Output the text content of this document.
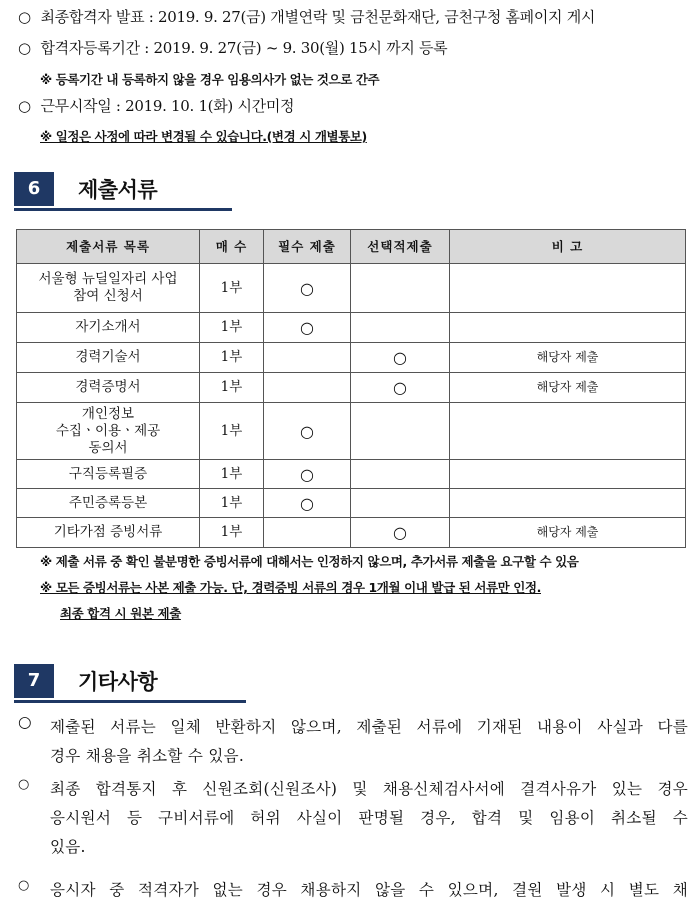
○ 최종합격자 발표 : 2019. 9. 27(금) 개별연락 및 금천문화재단, 금천구청 홈페이지 게시
○ 합격자등록기간 : 2019. 9. 27(금) ~ 9. 30(월) 15시 까지 등록
※ 등록기간 내 등록하지 않을 경우 임용의사가 없는 것으로 간주
○ 근무시작일 : 2019. 10. 1(화) 시간미정
※ 일정은 사정에 따라 변경될 수 있습니다.(변경 시 개별통보)
6	제출서류
제출서류 목록	매 수	필수 제출	선택적제출	비 고
서울형 뉴딜일자리 사업
참여 신청서	1부	○		
자기소개서	1부	○		
경력기술서	1부		○	해당자 제출
경력증명서	1부		○	해당자 제출
개인정보
수집ㆍ이용ㆍ제공
동의서	1부	○		
구직등록필증	1부	○		
주민증록등본	1부	○		
기타가점 증빙서류	1부		○	해당자 제출
※ 제출 서류 중 확인 불분명한 증빙서류에 대해서는 인정하지 않으며, 추가서류 제출을 요구할 수 있음
※ 모든 증빙서류는 사본 제출 가능. 단, 경력증빙 서류의 경우 1개월 이내 발급 된 서류만 인정.
최종 합격 시 원본 제출
7	기타사항
○ 제출된 서류는 일체 반환하지 않으며, 제출된 서류에 기재된 내용이 사실과 다를
경우 채용을 취소할 수 있음.
○ 최종 합격통지 후 신원조회(신원조사) 및 채용신체검사서에 결격사유가 있는 경우
응시원서 등 구비서류에 허위 사실이 판명될 경우, 합격 및 임용이 취소될 수
있음.
○ 응시자 중 적격자가 없는 경우 채용하지 않을 수 있으며, 결원 발생 시 별도 채
